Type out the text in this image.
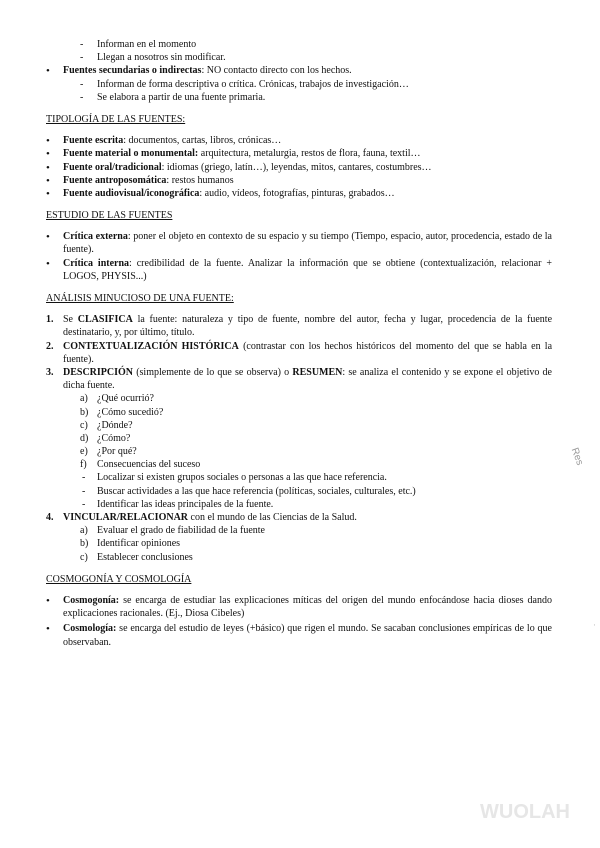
- Informan en el momento
- Llegan a nosotros sin modificar.
• Fuentes secundarias o indirectas: NO contacto directo con los hechos.
- Informan de forma descriptiva o crítica. Crónicas, trabajos de investigación…
- Se elabora a partir de una fuente primaria.
TIPOLOGÍA DE LAS FUENTES:
• Fuente escrita: documentos, cartas, libros, crónicas…
• Fuente material o monumental: arquitectura, metalurgia, restos de flora, fauna, textil…
• Fuente oral/tradicional: idiomas (griego, latín…), leyendas, mitos, cantares, costumbres…
• Fuente antroposomática: restos humanos
• Fuente audiovisual/iconográfica: audio, vídeos, fotografías, pinturas, grabados…
ESTUDIO DE LAS FUENTES
• Crítica externa: poner el objeto en contexto de su espacio y su tiempo (Tiempo, espacio, autor, procedencia, estado de la fuente).
• Crítica interna: credibilidad de la fuente. Analizar la información que se obtiene (contextualización, relacionar + LOGOS, PHYSIS...)
ANÁLISIS MINUCIOSO DE UNA FUENTE:
1. Se CLASIFICA la fuente: naturaleza y tipo de fuente, nombre del autor, fecha y lugar, procedencia de la fuente destinatario, y, por último, título.
2. CONTEXTUALIZACIÓN HISTÓRICA (contrastar con los hechos históricos del momento del que se habla en la fuente).
3. DESCRIPCIÓN (simplemente de lo que se observa) o RESUMEN: se analiza el contenido y se expone el objetivo de dicha fuente.
a) ¿Qué ocurrió?
b) ¿Cómo sucedió?
c) ¿Dónde?
d) ¿Cómo?
e) ¿Por qué?
f) Consecuencias del suceso
- Localizar si existen grupos sociales o personas a las que hace referencia.
- Buscar actividades a las que hace referencia (políticas, sociales, culturales, etc.)
- Identificar las ideas principales de la fuente.
4. VINCULAR/RELACIONAR con el mundo de las Ciencias de la Salud.
a) Evaluar el grado de fiabilidad de la fuente
b) Identificar opiniones
c) Establecer conclusiones
COSMOGONÍA Y COSMOLOGÍA
• Cosmogonía: se encarga de estudiar las explicaciones míticas del origen del mundo enfocándose hacia dioses dando explicaciones racionales. (Ej., Diosa Cibeles)
• Cosmología: se encarga del estudio de leyes (+básico) que rigen el mundo. Se sacaban conclusiones empíricas de lo que observaban.
Res
·
WUOLAH
